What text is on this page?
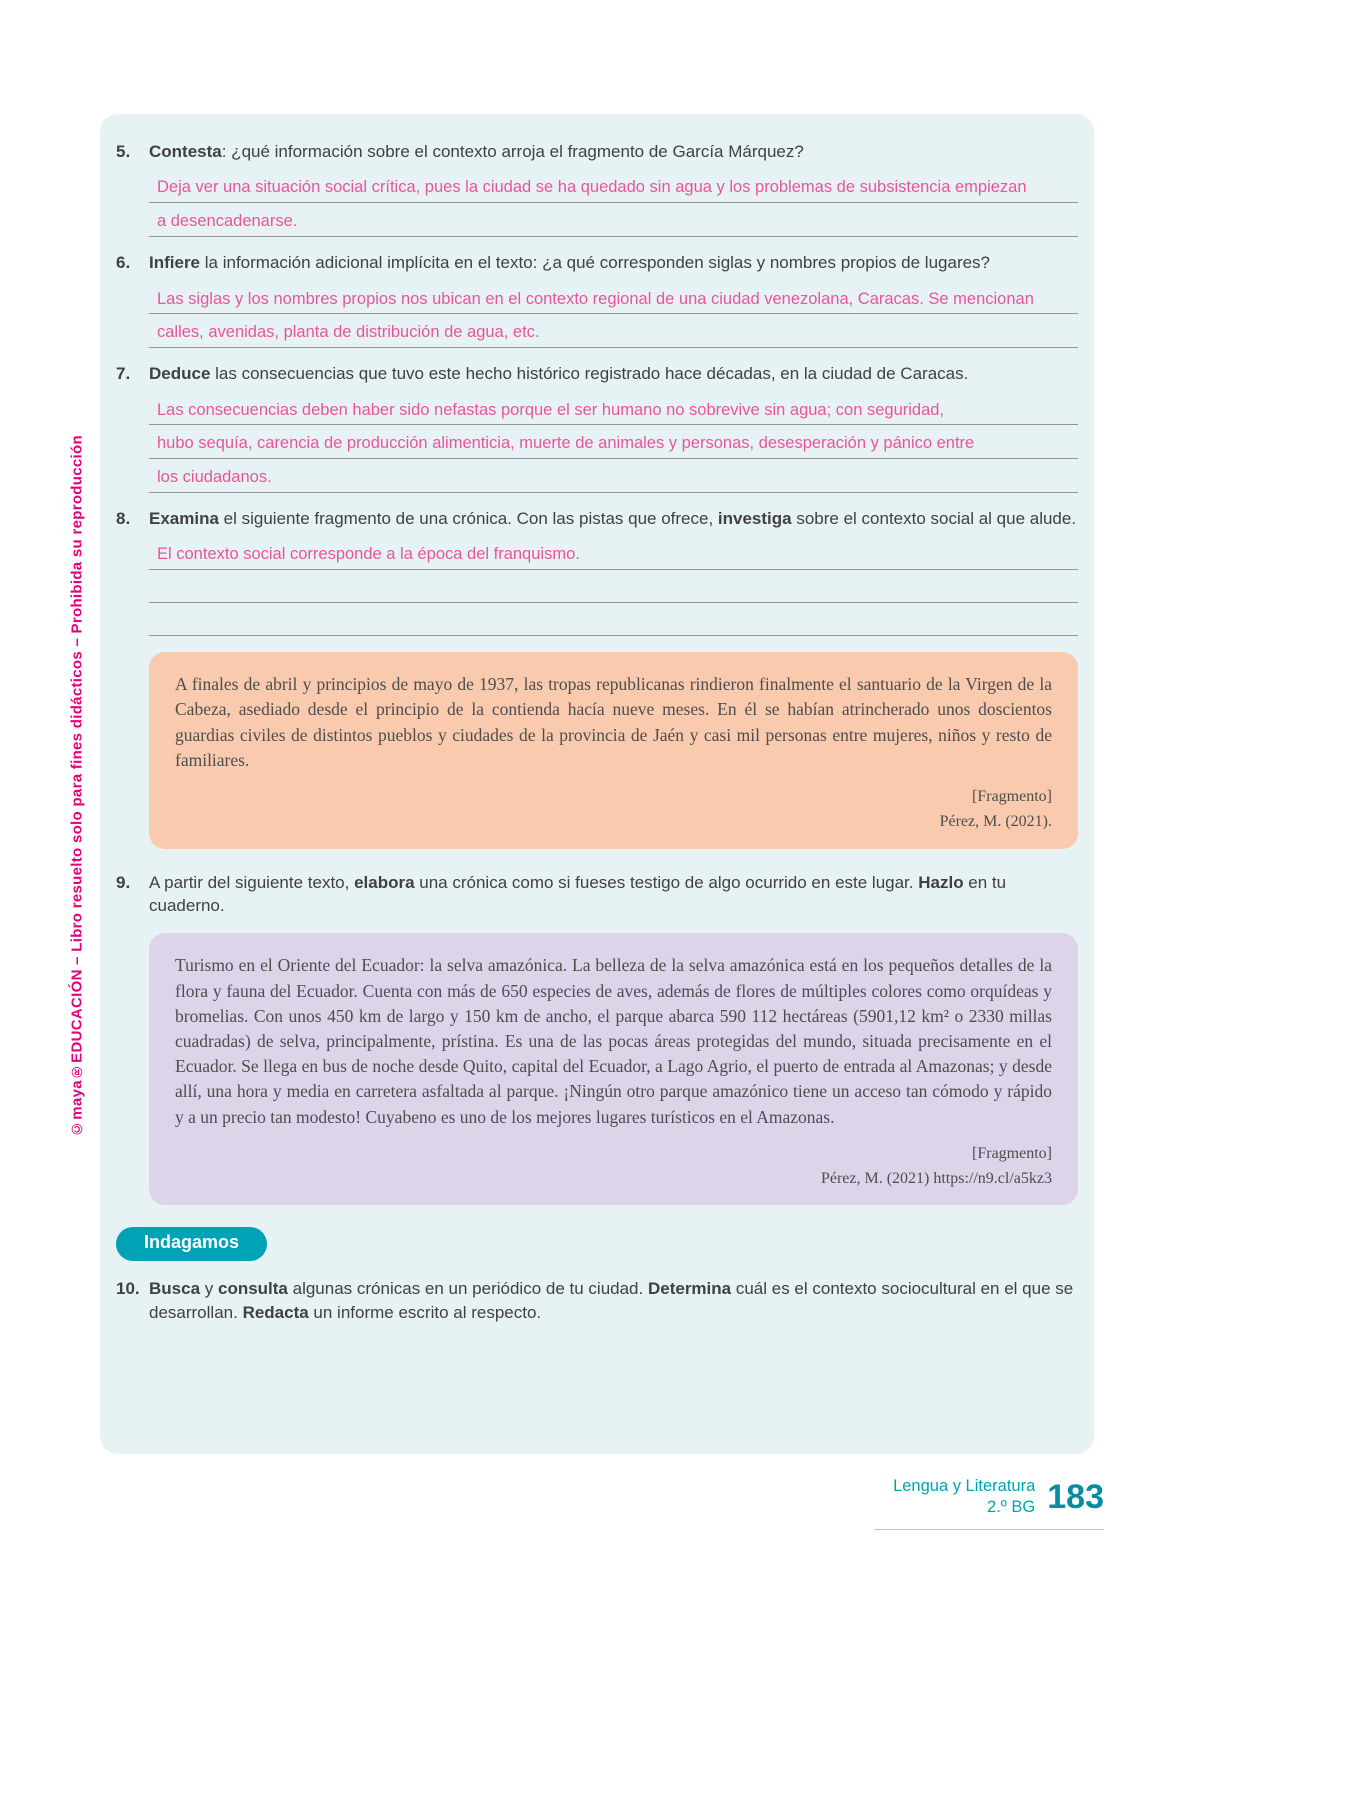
©maya®EDUCACIÓN – Libro resuelto solo para fines didácticos – Prohibida su reproducción
5.	Contesta: ¿qué información sobre el contexto arroja el fragmento de García Márquez?
Deja ver una situación social crítica, pues la ciudad se ha quedado sin agua y los problemas de subsistencia empiezan
a desencadenarse.
6.	Infiere la información adicional implícita en el texto: ¿a qué corresponden siglas y nombres propios de lugares?
Las siglas y los nombres propios nos ubican en el contexto regional de una ciudad venezolana, Caracas. Se mencionan
calles, avenidas, planta de distribución de agua, etc.
7.	Deduce las consecuencias que tuvo este hecho histórico registrado hace décadas, en la ciudad de Caracas.
Las consecuencias deben haber sido nefastas porque el ser humano no sobrevive sin agua; con seguridad,
hubo sequía, carencia de producción alimenticia, muerte de animales y personas, desesperación y pánico entre
los ciudadanos.
8.	Examina el siguiente fragmento de una crónica. Con las pistas que ofrece, investiga sobre el contexto social al que alude.
El contexto social corresponde a la época del franquismo.
A finales de abril y principios de mayo de 1937, las tropas republicanas rindieron finalmente el santuario de la Virgen de la Cabeza, asediado desde el principio de la contienda hacía nueve meses. En él se habían atrincherado unos doscientos guardias civiles de distintos pueblos y ciudades de la provincia de Jaén y casi mil personas entre mujeres, niños y resto de familiares.
[Fragmento]
Pérez, M. (2021).
9.	A partir del siguiente texto, elabora una crónica como si fueses testigo de algo ocurrido en este lugar. Hazlo en tu cuaderno.
Turismo en el Oriente del Ecuador: la selva amazónica. La belleza de la selva amazónica está en los pequeños detalles de la flora y fauna del Ecuador. Cuenta con más de 650 especies de aves, además de flores de múltiples colores como orquídeas y bromelias. Con unos 450 km de largo y 150 km de ancho, el parque abarca 590 112 hectáreas (5901,12 km² o 2330 millas cuadradas) de selva, principalmente, prístina. Es una de las pocas áreas protegidas del mundo, situada precisamente en el Ecuador. Se llega en bus de noche desde Quito, capital del Ecuador, a Lago Agrio, el puerto de entrada al Amazonas; y desde allí, una hora y media en carretera asfaltada al parque. ¡Ningún otro parque amazónico tiene un acceso tan cómodo y rápido y a un precio tan modesto! Cuyabeno es uno de los mejores lugares turísticos en el Amazonas.
[Fragmento]
Pérez, M. (2021) https://n9.cl/a5kz3
Indagamos
10. Busca y consulta algunas crónicas en un periódico de tu ciudad. Determina cuál es el contexto sociocultural en el que se desarrollan. Redacta un informe escrito al respecto.
Lengua y Literatura
2.º BG 183
